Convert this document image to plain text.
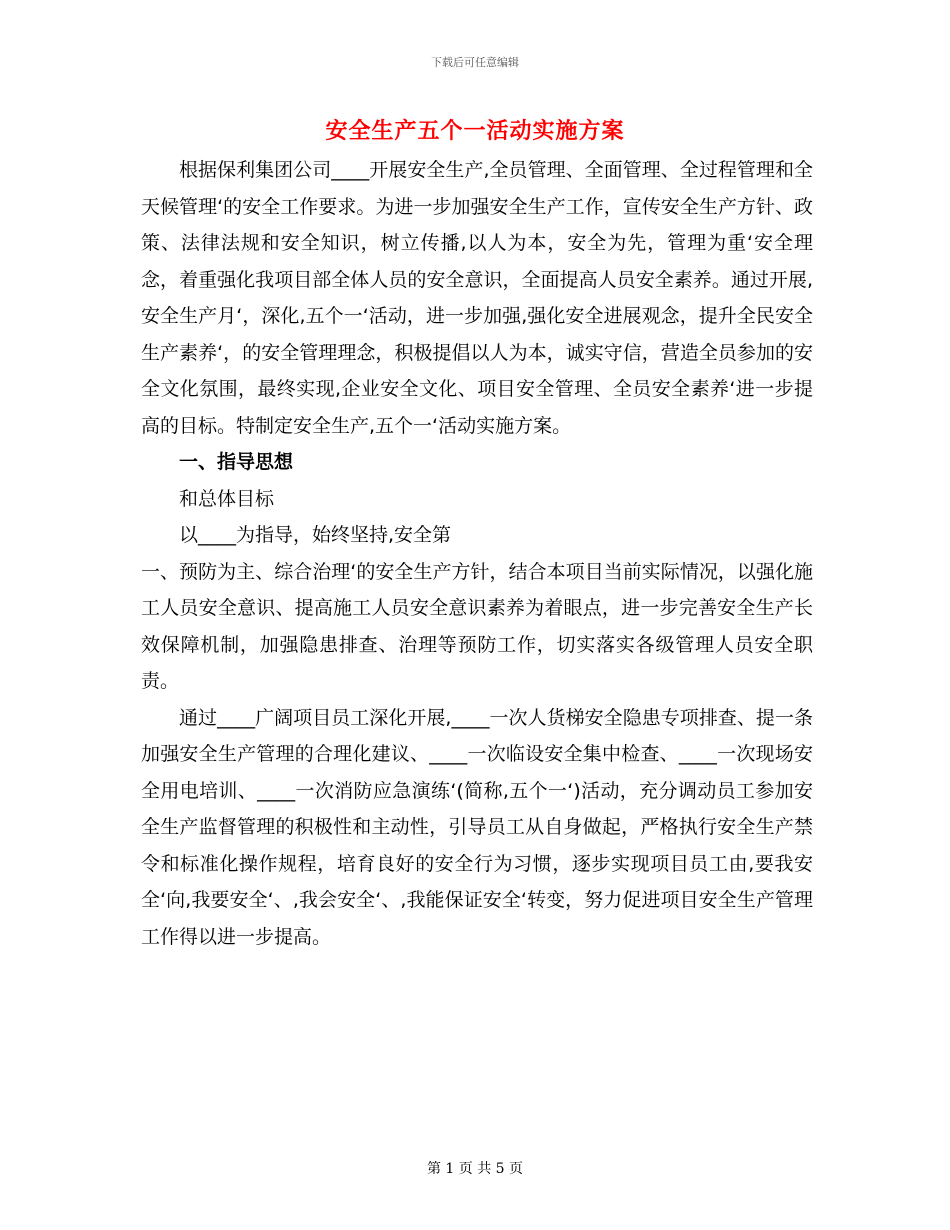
下载后可任意编辑
安全生产五个一活动实施方案

根据保利集团公司____开展安全生产,全员管理、全面管理、全过程管理和全天候管理‘的安全工作要求。为进一步加强安全生产工作，宣传安全生产方针、政策、法律法规和安全知识，树立传播,以人为本，安全为先，管理为重‘安全理念，着重强化我项目部全体人员的安全意识，全面提高人员安全素养。通过开展,安全生产月‘，深化,五个一‘活动，进一步加强,强化安全进展观念，提升全民安全生产素养‘，的安全管理理念，积极提倡以人为本，诚实守信，营造全员参加的安全文化氛围，最终实现,企业安全文化、项目安全管理、全员安全素养‘进一步提高的目标。特制定安全生产,五个一‘活动实施方案。

一、指导思想

和总体目标

以____为指导，始终坚持,安全第

一、预防为主、综合治理‘的安全生产方针，结合本项目当前实际情况，以强化施工人员安全意识、提高施工人员安全意识素养为着眼点，进一步完善安全生产长效保障机制，加强隐患排查、治理等预防工作，切实落实各级管理人员安全职责。

通过____广阔项目员工深化开展,____一次人货梯安全隐患专项排查、提一条加强安全生产管理的合理化建议、____一次临设安全集中检查、____一次现场安全用电培训、____一次消防应急演练‘(简称,五个一‘)活动，充分调动员工参加安全生产监督管理的积极性和主动性，引导员工从自身做起，严格执行安全生产禁令和标准化操作规程，培育良好的安全行为习惯，逐步实现项目员工由,要我安全‘向,我要安全‘、,我会安全‘、,我能保证安全‘转变，努力促进项目安全生产管理工作得以进一步提高。

第 1 页 共 5 页
